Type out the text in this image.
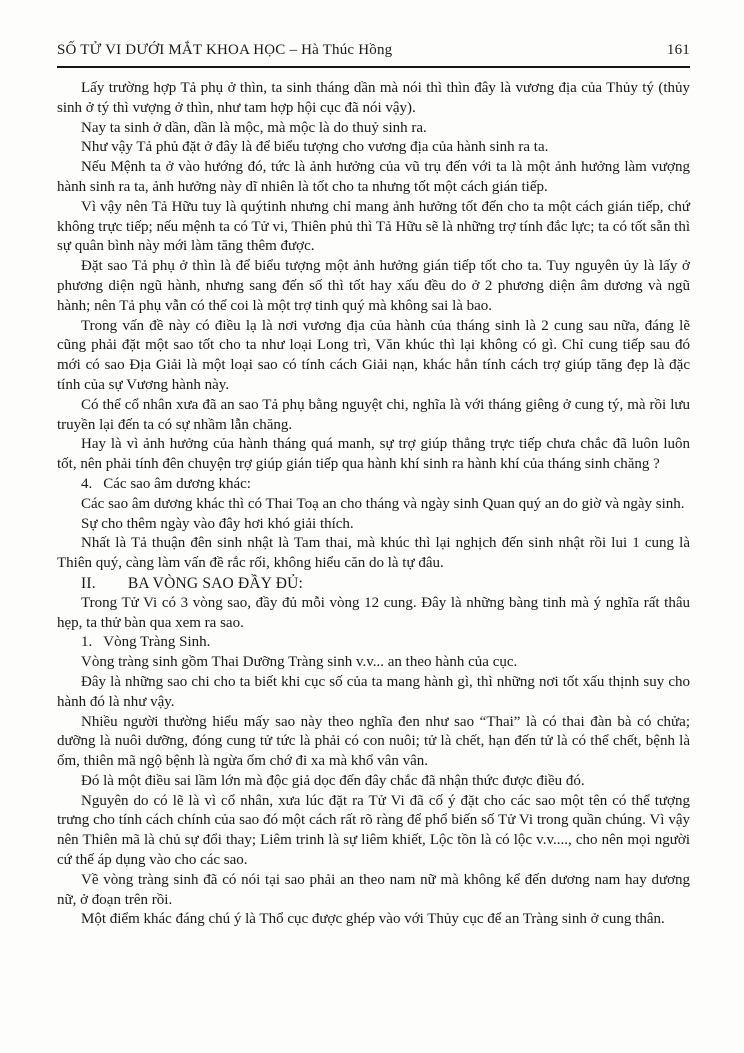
SỐ TỬ VI DƯỚI MẮT KHOA HỌC – Hà Thúc Hồng	161

Lấy trường hợp Tả phụ ở thìn, ta sinh tháng dần mà nói thì thìn đây là vương địa của Thủy tý (thủy sinh ở tý thì vượng ở thìn, như tam hợp hội cục đã nói vậy).

Nay ta sinh ở dần, dần là mộc, mà mộc là do thuỷ sinh ra.

Như vậy Tả phủ đặt ở đây là để biểu tượng cho vương địa của hành sinh ra ta.

Nếu Mệnh ta ở vào hướng đó, tức là ảnh hưởng của vũ trụ đến với ta là một ảnh hưởng làm vượng hành sinh ra ta, ảnh hưởng này dĩ nhiên là tốt cho ta nhưng tốt một cách gián tiếp.

Vì vậy nên Tả Hữu tuy là quýtinh nhưng chỉ mang ảnh hưởng tốt đến cho ta một cách gián tiếp, chứ không trực tiếp; nếu mệnh ta có Tử vi, Thiên phủ thì Tả Hữu sẽ là những trợ tính đắc lực; ta có tốt sẵn thì sự quân bình này mới làm tăng thêm được.

Đặt sao Tả phụ ở thìn là để biểu tượng một ảnh hưởng gián tiếp tốt cho ta. Tuy nguyên ủy là lấy ở phương diện ngũ hành, nhưng sang đến số thì tốt hay xấu đều do ở 2 phương diện âm dương và ngũ hành; nên Tả phụ vẫn có thể coi là một trợ tinh quý mà không sai là bao.

Trong vấn đề này có điều lạ là nơi vương địa của hành của tháng sinh là 2 cung sau nữa, đáng lẽ cũng phải đặt một sao tốt cho ta như loại Long trì, Văn khúc thì lại không có gì. Chỉ cung tiếp sau đó mới có sao Địa Giải là một loại sao có tính cách Giải nạn, khác hẳn tính cách trợ giúp tăng đẹp là đặc tính của sự Vương hành này.

Có thể cổ nhân xưa đã an sao Tả phụ bằng nguyệt chi, nghĩa là với tháng giêng ở cung tý, mà rồi lưu truyền lại đến ta có sự nhầm lẫn chăng.

Hay là vì ảnh hưởng của hành tháng quá manh, sự trợ giúp thẳng trực tiếp chưa chắc đã luôn luôn tốt, nên phải tính đên chuyện trợ giúp gián tiếp qua hành khí sinh ra hành khí của tháng sinh chăng ?

4. Các sao âm dương khác:

Các sao âm dương khác thì có Thai Toạ an cho tháng và ngày sinh Quan quý an do giờ và ngày sinh.

Sự cho thêm ngày vào đây hơi khó giải thích.

Nhất là Tả thuận đên sinh nhật là Tam thai, mà khúc thì lại nghịch đến sinh nhật rồi lui 1 cung là Thiên quý, càng làm vấn đề rắc rối, không hiểu căn do là tự đâu.

II. BA VÒNG SAO ĐẦY ĐỦ:

Trong Tử Vi có 3 vòng sao, đầy đủ mỗi vòng 12 cung. Đây là những bàng tinh mà ý nghĩa rất thâu hẹp, ta thử bàn qua xem ra sao.

1. Vòng Tràng Sinh.

Vòng tràng sinh gồm Thai Dưỡng Tràng sinh v.v... an theo hành của cục.

Đây là những sao chi cho ta biết khi cục số của ta mang hành gì, thì những nơi tốt xấu thịnh suy cho hành đó là như vậy.

Nhiều người thường hiểu mấy sao này theo nghĩa đen như sao “Thai” là có thai đàn bà có chửa; dưỡng là nuôi dưỡng, đóng cung tử tức là phải có con nuôi; tử là chết, hạn đến tử là có thể chết, bệnh là ốm, thiên mã ngộ bệnh là ngừa ốm chớ đi xa mà khổ vân vân.

Đó là một điều sai lầm lớn mà độc giả dọc đến đây chắc đã nhận thức được điều đó.

Nguyên do có lẽ là vì cổ nhân, xưa lúc đặt ra Tử Vi đã cố ý đặt cho các sao một tên có thể tượng trưng cho tính cách chính của sao đó một cách rất rõ ràng để phổ biến số Tử Vi trong quần chúng. Vì vậy nên Thiên mã là chủ sự đổi thay; Liêm trinh là sự liêm khiết, Lộc tồn là có lộc v.v...., cho nên mọi người cứ thế áp dụng vào cho các sao.

Về vòng tràng sinh đã có nói tại sao phải an theo nam nữ mà không kể đến dương nam hay dương nữ, ở đoạn trên rồi.

Một điểm khác đáng chú ý là Thổ cục được ghép vào với Thủy cục để an Tràng sinh ở cung thân.
